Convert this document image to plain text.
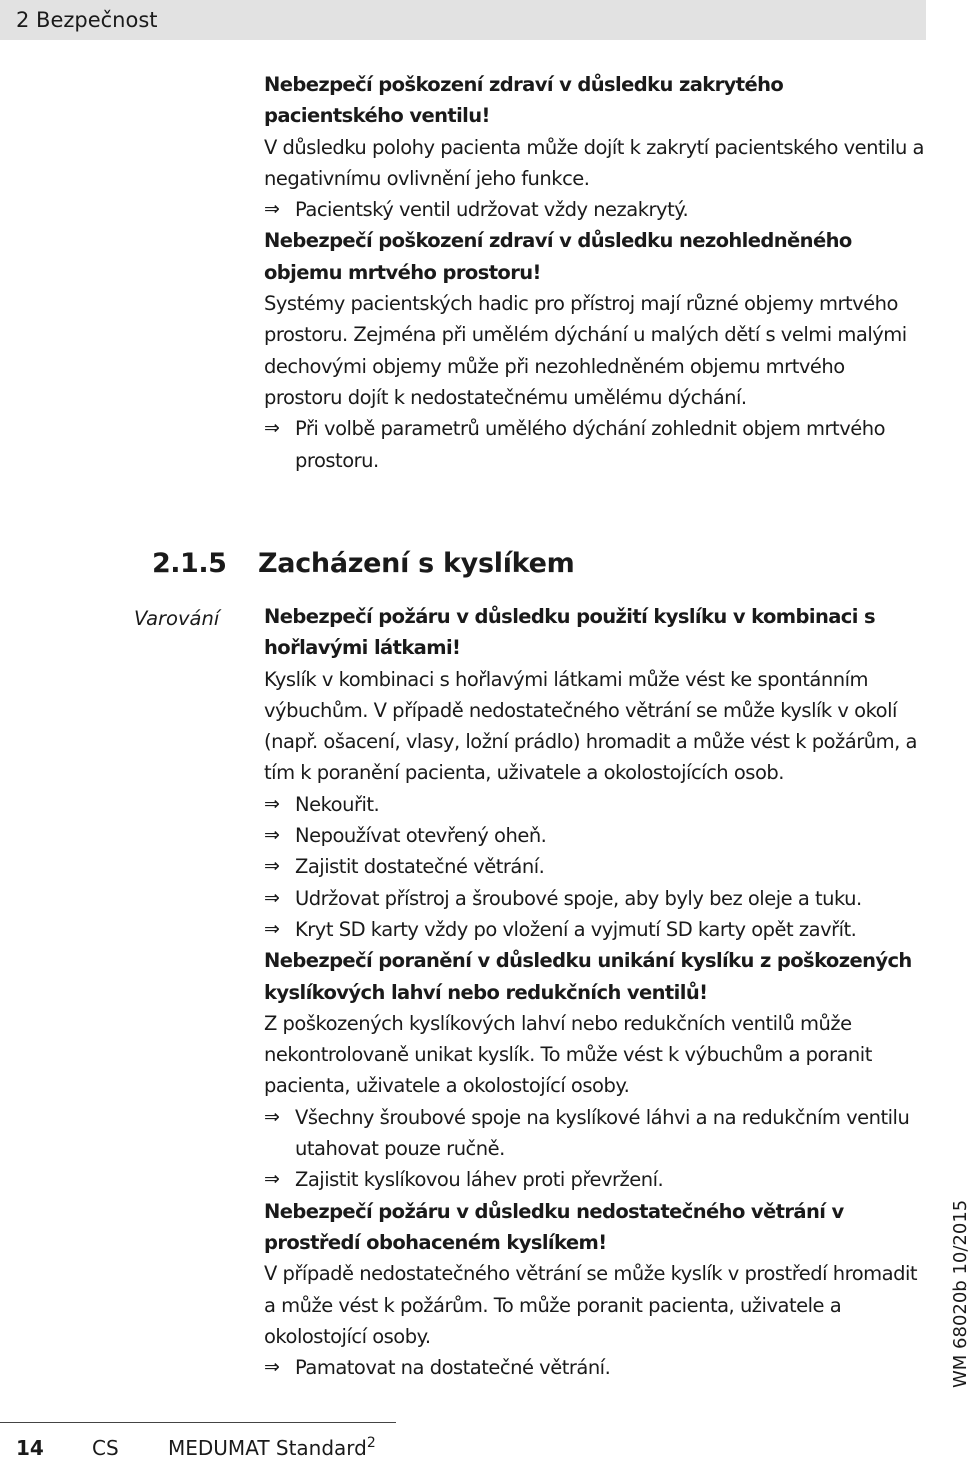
2 Bezpečnost

Nebezpečí poškození zdraví v důsledku zakrytého pacientského ventilu!

V důsledku polohy pacienta může dojít k zakrytí pacientského ventilu a negativnímu ovlivnění jeho funkce.

⇒ Pacientský ventil udržovat vždy nezakrytý.

Nebezpečí poškození zdraví v důsledku nezohledněného objemu mrtvého prostoru!

Systémy pacientských hadic pro přístroj mají různé objemy mrtvého prostoru. Zejména při umělém dýchání u malých dětí s velmi malými dechovými objemy může při nezohledněném objemu mrtvého prostoru dojít k nedostatečnému umělému dýchání.

⇒ Při volbě parametrů umělého dýchání zohlednit objem mrtvého prostoru.
2.1.5 Zacházení s kyslíkem
Varování Nebezpečí požáru v důsledku použití kyslíku v kombinaci s hořlavými látkami!

Kyslík v kombinaci s hořlavými látkami může vést ke spontánním výbuchům. V případě nedostatečného větrání se může kyslík v okolí (např. ošacení, vlasy, ložní prádlo) hromadit a může vést k požárům, a tím k poranění pacienta, uživatele a okolostojících osob.

⇒ Nekouřit.
⇒ Nepoužívat otevřený oheň.
⇒ Zajistit dostatečné větrání.
⇒ Udržovat přístroj a šroubové spoje, aby byly bez oleje a tuku.
⇒ Kryt SD karty vždy po vložení a vyjmutí SD karty opět zavřít.

Nebezpečí poranění v důsledku unikání kyslíku z poškozených kyslíkových lahví nebo redukčních ventilů!

Z poškozených kyslíkových lahví nebo redukčních ventilů může nekontrolovaně unikat kyslík. To může vést k výbuchům a poranit pacienta, uživatele a okolostojící osoby.

⇒ Všechny šroubové spoje na kyslíkové láhvi a na redukčním ventilu utahovat pouze ručně.
⇒ Zajistit kyslíkovou láhev proti převržení.

Nebezpečí požáru v důsledku nedostatečného větrání v prostředí obohaceném kyslíkem!

V případě nedostatečného větrání se může kyslík v prostředí hromadit a může vést k požárům. To může poranit pacienta, uživatele a okolostojící osoby.

⇒ Pamatovat na dostatečné větrání.	WM 68020b 10/2015
14 CS MEDUMAT Standard$^2$
